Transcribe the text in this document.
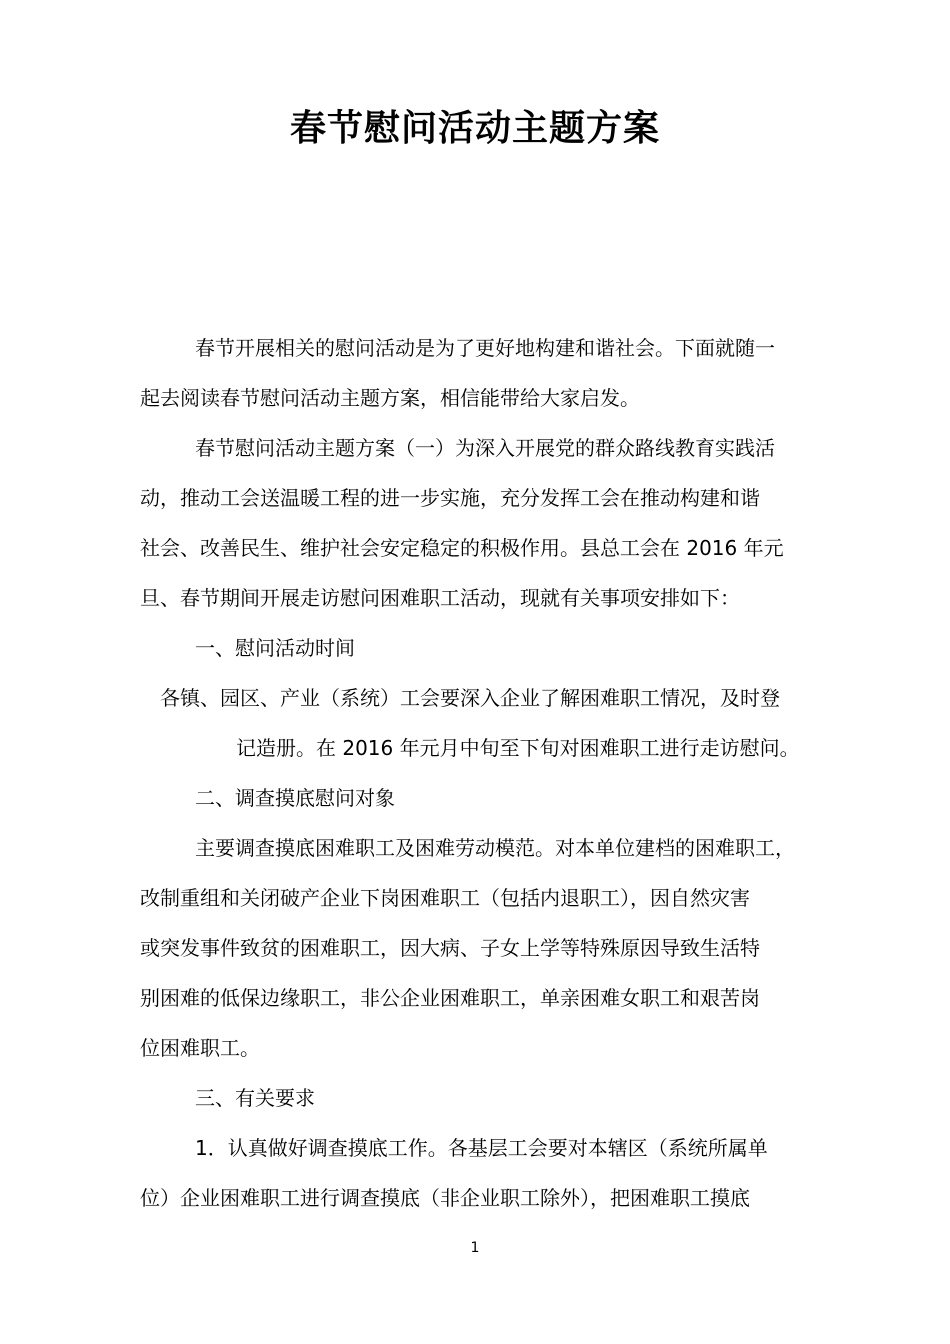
春节慰问活动主题方案
春节开展相关的慰问活动是为了更好地构建和谐社会。下面就随一
起去阅读春节慰问活动主题方案，相信能带给大家启发。
春节慰问活动主题方案（一）为深入开展党的群众路线教育实践活
动，推动工会送温暖工程的进一步实施，充分发挥工会在推动构建和谐
社会、改善民生、维护社会安定稳定的积极作用。县总工会在 2016 年元
旦、春节期间开展走访慰问困难职工活动，现就有关事项安排如下：
一、慰问活动时间
各镇、园区、产业（系统）工会要深入企业了解困难职工情况，及时登
记造册。在 2016 年元月中旬至下旬对困难职工进行走访慰问。
二、调查摸底慰问对象
主要调查摸底困难职工及困难劳动模范。对本单位建档的困难职工，
改制重组和关闭破产企业下岗困难职工（包括内退职工），因自然灾害
或突发事件致贫的困难职工，因大病、子女上学等特殊原因导致生活特
别困难的低保边缘职工，非公企业困难职工，单亲困难女职工和艰苦岗
位困难职工。
三、有关要求
1．认真做好调查摸底工作。各基层工会要对本辖区（系统所属单
位）企业困难职工进行调查摸底（非企业职工除外），把困难职工摸底
1
